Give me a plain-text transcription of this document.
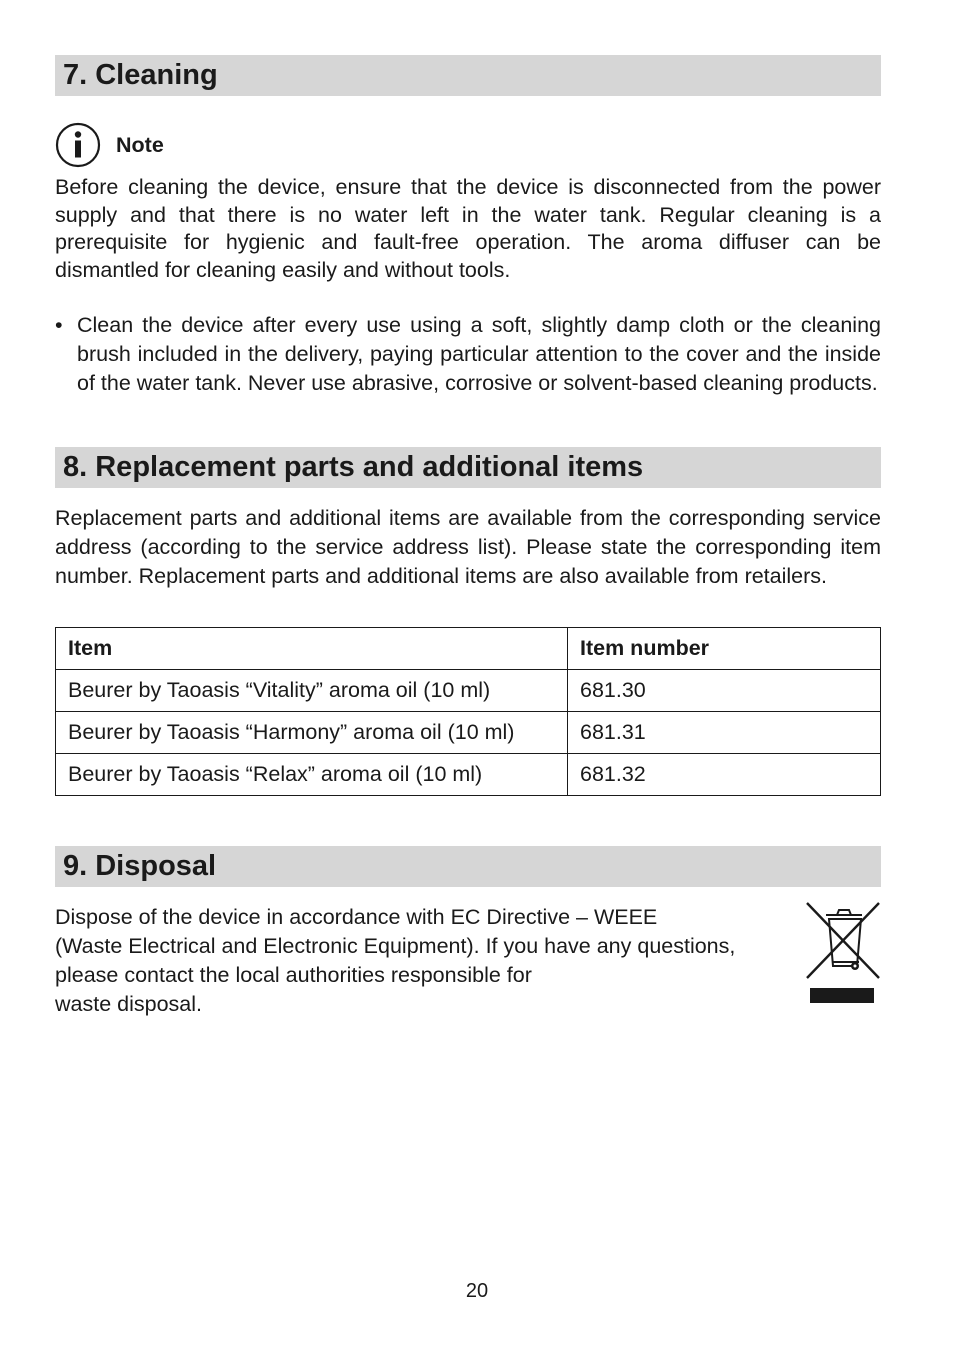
7. Cleaning
Note
Before cleaning the device, ensure that the device is disconnected from the power supply and that there is no water left in the water tank. Regular cleaning is a prerequisite for hygienic and fault-free operation. The aroma diffuser can be dismantled for cleaning easily and without tools.
• Clean the device after every use using a soft, slightly damp cloth or the cleaning brush included in the delivery, paying particular attention to the cover and the inside of the water tank. Never use abrasive, corrosive or solvent-based cleaning products.
8. Replacement parts and additional items
Replacement parts and additional items are available from the corresponding service address (according to the service address list). Please state the corresponding item number. Replacement parts and additional items are also available from retailers.
Item	Item number
Beurer by Taoasis “Vitality” aroma oil (10 ml)	681.30
Beurer by Taoasis “Harmony” aroma oil (10 ml)	681.31
Beurer by Taoasis “Relax” aroma oil (10 ml)	681.32
9. Disposal
Dispose of the device in accordance with EC Directive – WEEE
(Waste Electrical and Electronic Equipment). If you have any questions,
please contact the local authorities responsible for
waste disposal.
20
